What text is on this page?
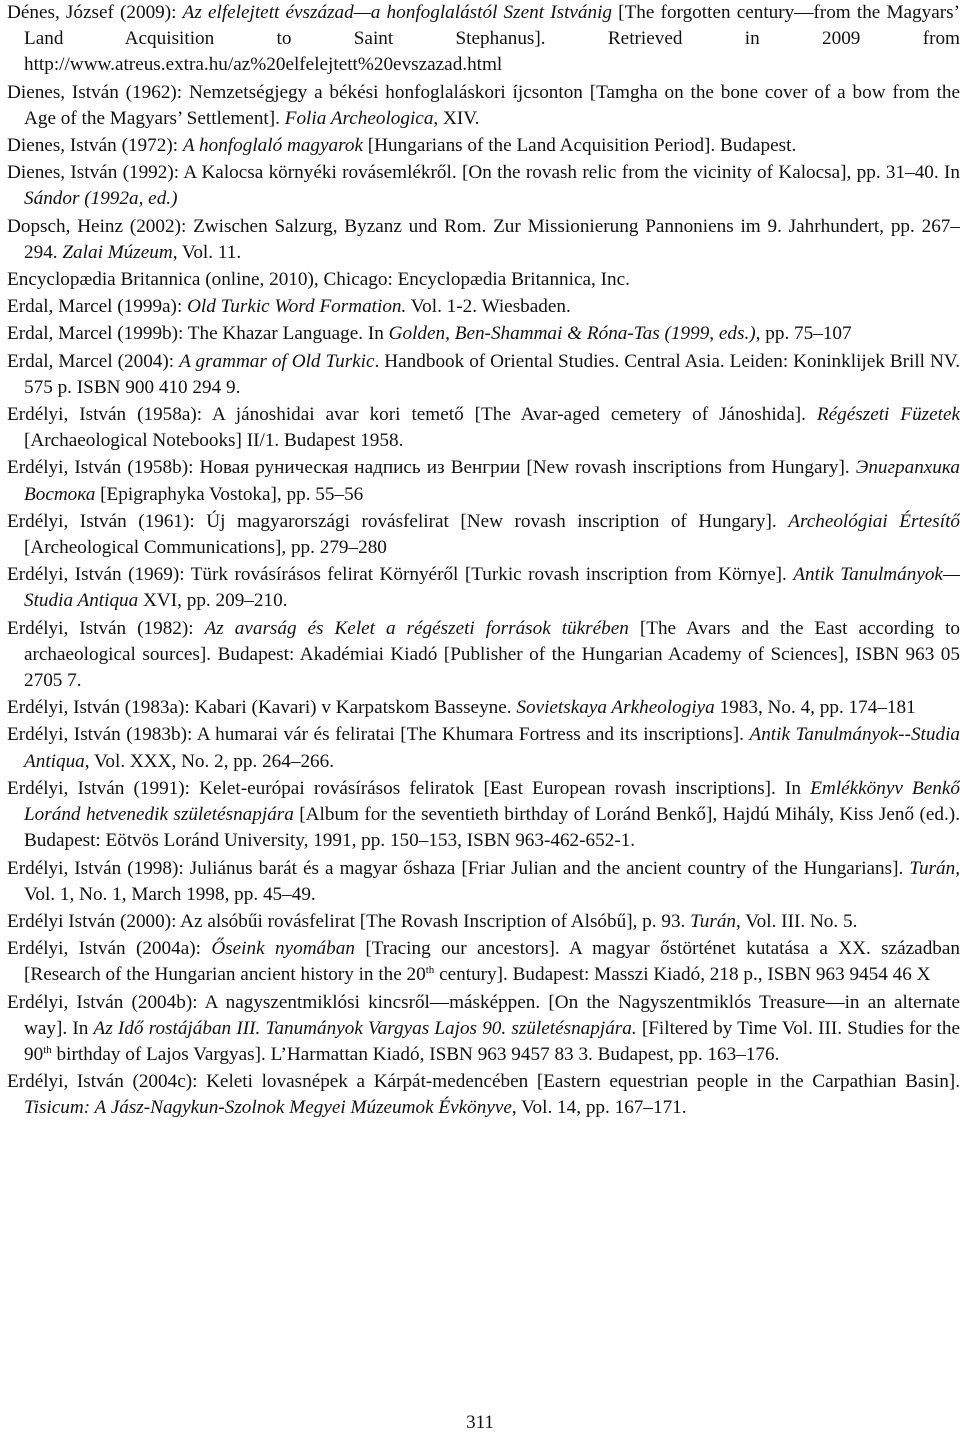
Dénes, József (2009): Az elfelejtett évszázad—a honfoglalástól Szent Istvánig [The forgotten century—from the Magyars’ Land Acquisition to Saint Stephanus]. Retrieved in 2009 from http://www.atreus.extra.hu/az%20elfelejtett%20evszazad.html

Dienes, István (1962): Nemzetségjegy a békési honfoglaláskori íjcsonton [Tamgha on the bone cover of a bow from the Age of the Magyars’ Settlement]. Folia Archeologica, XIV.

Dienes, István (1972): A honfoglaló magyarok [Hungarians of the Land Acquisition Period]. Budapest.

Dienes, István (1992): A Kalocsa környéki rovásemlékről. [On the rovash relic from the vicinity of Kalocsa], pp. 31–40. In Sándor (1992a, ed.)

Dopsch, Heinz (2002): Zwischen Salzurg, Byzanz und Rom. Zur Missionierung Pannoniens im 9. Jahrhundert, pp. 267–294. Zalai Múzeum, Vol. 11.

Encyclopædia Britannica (online, 2010), Chicago: Encyclopædia Britannica, Inc.

Erdal, Marcel (1999a): Old Turkic Word Formation. Vol. 1-2. Wiesbaden.

Erdal, Marcel (1999b): The Khazar Language. In Golden, Ben-Shammai & Róna-Tas (1999, eds.), pp. 75–107

Erdal, Marcel (2004): A grammar of Old Turkic. Handbook of Oriental Studies. Central Asia. Leiden: Koninklijek Brill NV. 575 p. ISBN 900 410 294 9.

Erdélyi, István (1958a): A jánoshidai avar kori temető [The Avar-aged cemetery of Jánoshida]. Régészeti Füzetek [Archaeological Notebooks] II/1. Budapest 1958.

Erdélyi, István (1958b): Новая руническая надпись из Венгрии [New rovash inscriptions from Hungary]. Эпиграпхика Востока [Epigraphyka Vostoka], pp. 55–56

Erdélyi, István (1961): Új magyarországi rovásfelirat [New rovash inscription of Hungary]. Archeológiai Értesítő [Archeological Communications], pp. 279–280

Erdélyi, István (1969): Türk rovásírásos felirat Környéről [Turkic rovash inscription from Környe]. Antik Tanulmányok—Studia Antiqua XVI, pp. 209–210.

Erdélyi, István (1982): Az avarság és Kelet a régészeti források tükrében [The Avars and the East according to archaeological sources]. Budapest: Akadémiai Kiadó [Publisher of the Hungarian Academy of Sciences], ISBN 963 05 2705 7.

Erdélyi, István (1983a): Kabari (Kavari) v Karpatskom Basseyne. Sovietskaya Arkheologiya 1983, No. 4, pp. 174–181

Erdélyi, István (1983b): A humarai vár és feliratai [The Khumara Fortress and its inscriptions]. Antik Tanulmányok--Studia Antiqua, Vol. XXX, No. 2, pp. 264–266.

Erdélyi, István (1991): Kelet-európai rovásírásos feliratok [East European rovash inscriptions]. In Emlékkönyv Benkő Loránd hetvenedik születésnapjára [Album for the seventieth birthday of Loránd Benkő], Hajdú Mihály, Kiss Jenő (ed.). Budapest: Eötvös Loránd University, 1991, pp. 150–153, ISBN 963-462-652-1.

Erdélyi, István (1998): Juliánus barát és a magyar őshaza [Friar Julian and the ancient country of the Hungarians]. Turán, Vol. 1, No. 1, March 1998, pp. 45–49.

Erdélyi István (2000): Az alsóbűi rovásfelirat [The Rovash Inscription of Alsóbű], p. 93. Turán, Vol. III. No. 5.

Erdélyi, István (2004a): Őseink nyomában [Tracing our ancestors]. A magyar őstörténet kutatása a XX. században [Research of the Hungarian ancient history in the 20th century]. Budapest: Masszi Kiadó, 218 p., ISBN 963 9454 46 X

Erdélyi, István (2004b): A nagyszentmiklósi kincsről—másképpen. [On the Nagyszentmiklós Treasure—in an alternate way]. In Az Idő rostájában III. Tanumányok Vargyas Lajos 90. születésnapjára. [Filtered by Time Vol. III. Studies for the 90th birthday of Lajos Vargyas]. L’Harmattan Kiadó, ISBN 963 9457 83 3. Budapest, pp. 163–176.

Erdélyi, István (2004c): Keleti lovasnépek a Kárpát-medencében [Eastern equestrian people in the Carpathian Basin]. Tisicum: A Jász-Nagykun-Szolnok Megyei Múzeumok Évkönyve, Vol. 14, pp. 167–171.

311
